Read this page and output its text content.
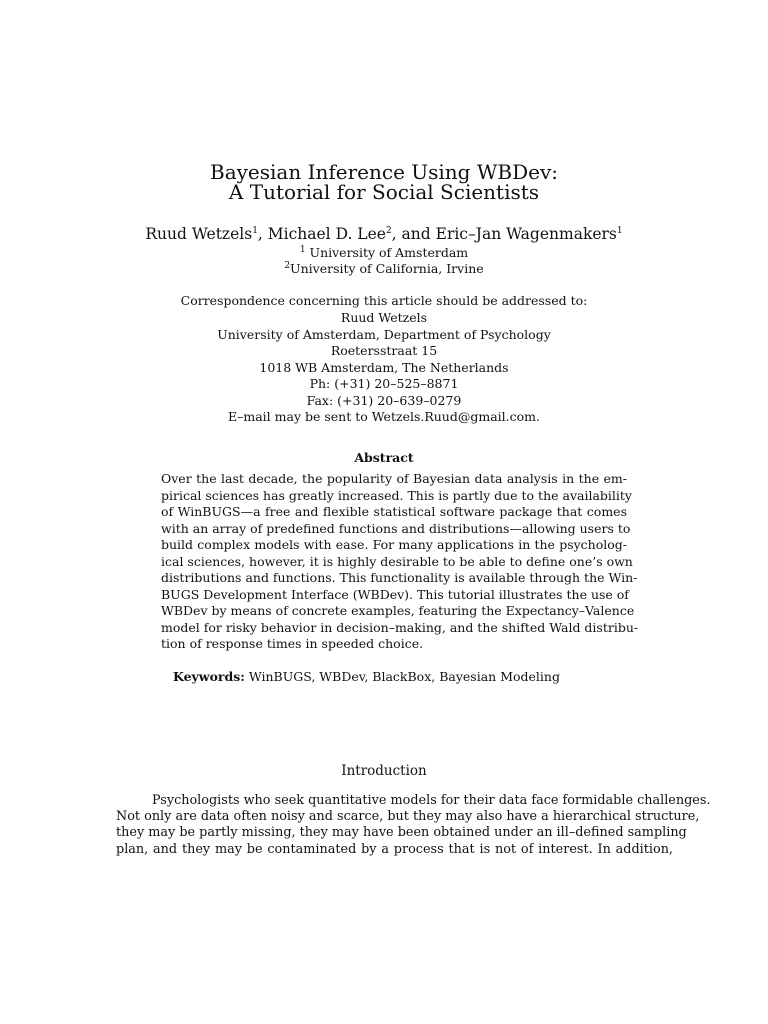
Bayesian Inference Using WBDev:
A Tutorial for Social Scientists
Ruud Wetzels$^1$, Michael D. Lee$^2$, and Eric–Jan Wagenmakers$^1$
$^1$ University of Amsterdam
$^2$University of California, Irvine
Correspondence concerning this article should be addressed to:
Ruud Wetzels
University of Amsterdam, Department of Psychology
Roetersstraat 15
1018 WB Amsterdam, The Netherlands
Ph: (+31) 20–525–8871
Fax: (+31) 20–639–0279
E–mail may be sent to Wetzels.Ruud@gmail.com.
Abstract
Over the last decade, the popularity of Bayesian data analysis in the em-
pirical sciences has greatly increased. This is partly due to the availability
of WinBUGS—a free and flexible statistical software package that comes
with an array of predefined functions and distributions—allowing users to
build complex models with ease. For many applications in the psycholog-
ical sciences, however, it is highly desirable to be able to define one’s own
distributions and functions. This functionality is available through the Win-
BUGS Development Interface (WBDev). This tutorial illustrates the use of
WBDev by means of concrete examples, featuring the Expectancy–Valence
model for risky behavior in decision–making, and the shifted Wald distribu-
tion of response times in speeded choice.
Keywords: WinBUGS, WBDev, BlackBox, Bayesian Modeling
Introduction
Psychologists who seek quantitative models for their data face formidable challenges.
Not only are data often noisy and scarce, but they may also have a hierarchical structure,
they may be partly missing, they may have been obtained under an ill–defined sampling
plan, and they may be contaminated by a process that is not of interest. In addition,
